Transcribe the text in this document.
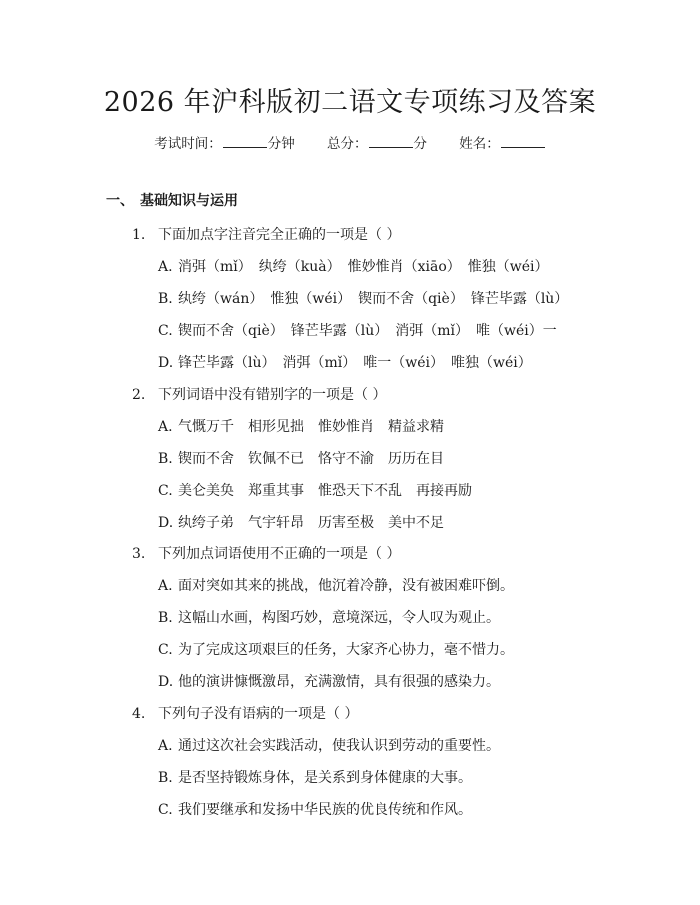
2026 年沪科版初二语文专项练习及答案
考试时间：	分钟 总分：	分 姓名：
一、 基础知识与运用
1. 下面加点字注音完全正确的一项是（ ）
A. 消弭（mǐ）　纨绔（kuà）　惟妙惟肖（xiāo）　惟独（wéi）
B. 纨绔（wán）　惟独（wéi）　锲而不舍（qiè）　锋芒毕露（lù）
C. 锲而不舍（qiè）　锋芒毕露（lù）　消弭（mǐ）　唯（wéi）一
D. 锋芒毕露（lù）　消弭（mǐ）　唯一（wéi）　唯独（wéi）
2. 下列词语中没有错别字的一项是（ ）
A. 气慨万千　相形见拙　惟妙惟肖　精益求精
B. 锲而不舍　钦佩不已　恪守不渝　历历在目
C. 美仑美奂　郑重其事　惟恐天下不乱　再接再励
D. 纨绔子弟　气宇轩昂　历害至极　美中不足
3. 下列加点词语使用不正确的一项是（ ）
A. 面对突如其来的挑战，他沉着冷静，没有被困难吓倒。
B. 这幅山水画，构图巧妙，意境深远，令人叹为观止。
C. 为了完成这项艰巨的任务，大家齐心协力，毫不惜力。
D. 他的演讲慷慨激昂，充满激情，具有很强的感染力。
4. 下列句子没有语病的一项是（ ）
A. 通过这次社会实践活动，使我认识到劳动的重要性。
B. 是否坚持锻炼身体，是关系到身体健康的大事。
C. 我们要继承和发扬中华民族的优良传统和作风。
